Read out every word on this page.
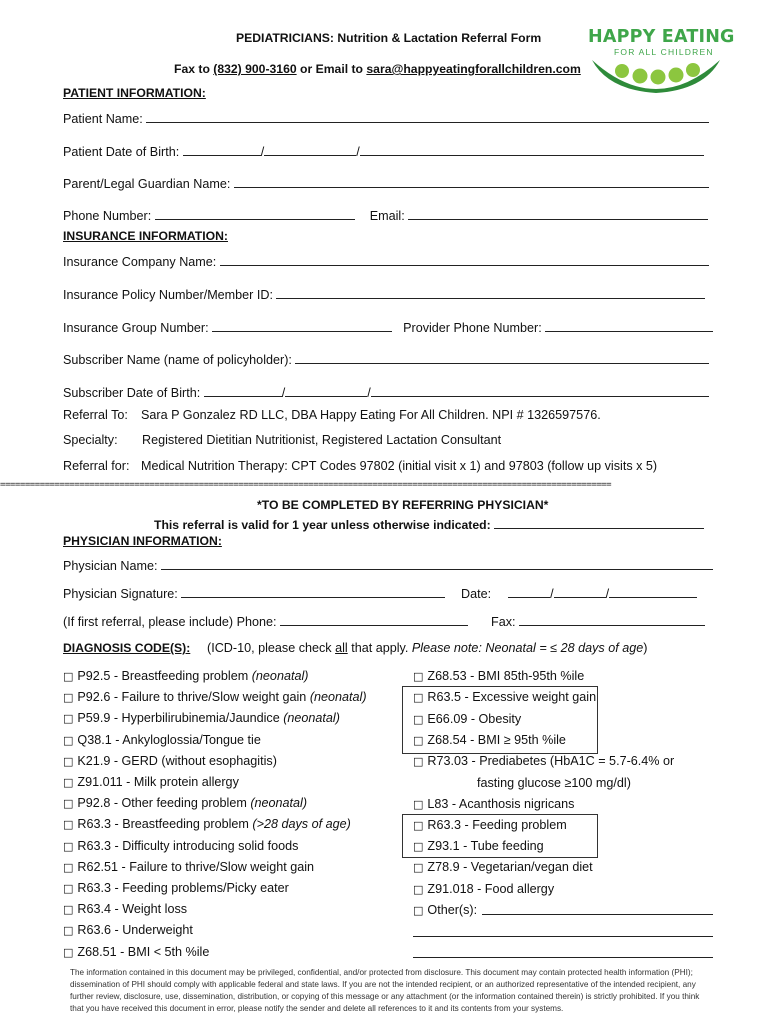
PEDIATRICIANS: Nutrition & Lactation Referral Form
Fax to (832) 900-3160 or Email to sara@happyeatingforallchildren.com
HAPPY EATING
FOR ALL CHILDREN
PATIENT INFORMATION:
Patient Name:
Patient Date of Birth:	/	/
Parent/Legal Guardian Name:
Phone Number:	Email:
INSURANCE INFORMATION:
Insurance Company Name:
Insurance Policy Number/Member ID:
Insurance Group Number:	Provider Phone Number:
Subscriber Name (name of policyholder):
Subscriber Date of Birth:	/	/
Referral To: Sara P Gonzalez RD LLC, DBA Happy Eating For All Children. NPI # 1326597576.
Specialty: Registered Dietitian Nutritionist, Registered Lactation Consultant
Referral for: Medical Nutrition Therapy: CPT Codes 97802 (initial visit x 1) and 97803 (follow up visits x 5)
===========================================================================================================================
*TO BE COMPLETED BY REFERRING PHYSICIAN*
This referral is valid for 1 year unless otherwise indicated:
PHYSICIAN INFORMATION:
Physician Name:
Physician Signature:	Date:	/	/
(If first referral, please include) Phone:	Fax:
DIAGNOSIS CODE(S): (ICD-10, please check all that apply. Please note: Neonatal = ≤ 28 days of age)
□ P92.5 - Breastfeeding problem (neonatal)
□ P92.6 - Failure to thrive/Slow weight gain (neonatal)
□ P59.9 - Hyperbilirubinemia/Jaundice (neonatal)
□ Q38.1 - Ankyloglossia/Tongue tie
□ K21.9 - GERD (without esophagitis)
□ Z91.011 - Milk protein allergy
□ P92.8 - Other feeding problem (neonatal)
□ R63.3 - Breastfeeding problem (>28 days of age)
□ R63.3 - Difficulty introducing solid foods
□ R62.51 - Failure to thrive/Slow weight gain
□ R63.3 - Feeding problems/Picky eater
□ R63.4 - Weight loss
□ R63.6 - Underweight
□ Z68.51 - BMI < 5th %ile
□ Z68.53 - BMI 85th-95th %ile
□ R63.5 - Excessive weight gain
□ E66.09 - Obesity
□ Z68.54 - BMI ≥ 95th %ile
□ R73.03 - Prediabetes (HbA1C = 5.7-6.4% or
fasting glucose ≥100 mg/dl)
□ L83 - Acanthosis nigricans
□ R63.3 - Feeding problem
□ Z93.1 - Tube feeding
□ Z78.9 - Vegetarian/vegan diet
□ Z91.018 - Food allergy
□ Other(s):
The information contained in this document may be privileged, confidential, and/or protected from disclosure. This document may contain protected health information (PHI); dissemination of PHI should comply with applicable federal and state laws. If you are not the intended recipient, or an authorized representative of the intended recipient, any further review, disclosure, use, dissemination, distribution, or copying of this message or any attachment (or the information contained therein) is strictly prohibited. If you think that you have received this document in error, please notify the sender and delete all references to it and its contents from your systems.
